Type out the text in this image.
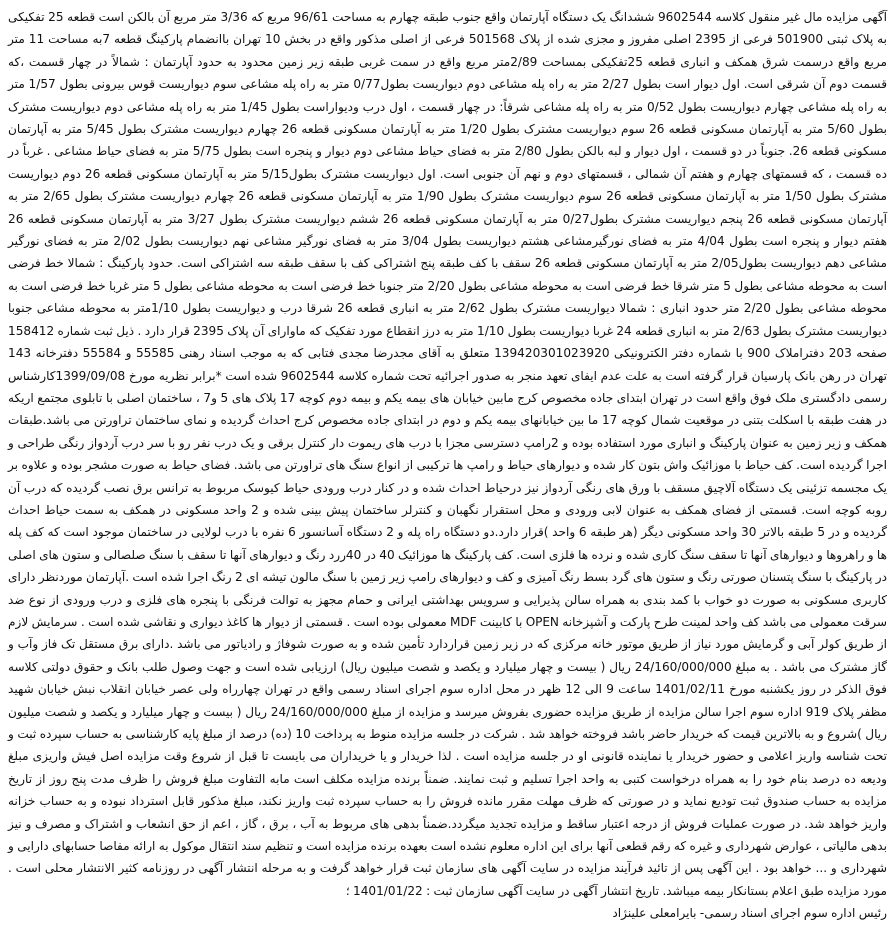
آگهی مزایده مال غیر منقول کلاسه 9602544 ششدانگ یک دستگاه آپارتمان واقع جنوب طبقه چهارم به مساحت 96/61 مربع که 3/36 متر مربع آن بالکن است قطعه 25 تفکیکی به پلاک ثبتی 501900 فرعی از 2395 اصلی مفروز و مجزی شده از پلاک 501568 فرعی از اصلی مذکور واقع در بخش 10 تهران باانضمام پارکینگ قطعه 7به مساحت 11 متر مربع واقع درسمت شرق همکف و انباری قطعه 25تفکیکی بمساحت 2/89متر مربع واقع در سمت غربی طبقه زیر زمین محدود به حدود آپارتمان : شمالاً در چهار قسمت ،که قسمت دوم آن شرقی است. اول دیوار است بطول 2/27 متر به راه پله مشاعی دوم دیواریست بطول0/77 متر به راه پله مشاعی سوم دیواریست قوس بیرونی بطول 1/57 متر به راه پله مشاعی چهارم دیواریست بطول 0/52 متر به راه پله مشاعی شرقاً: در چهار قسمت ، اول درب ودیواراست بطول 1/45 متر به راه پله مشاعی دوم دیواریست مشترک بطول 5/60 متر به آپارتمان مسکونی قطعه 26 سوم دیواریست مشترک بطول 1/20 متر به آپارتمان مسکونی قطعه 26 چهارم دیواریست مشترک بطول 5/45 متر به آپارتمان مسکونی قطعه 26. جنوباً در دو قسمت ، اول دیوار و لبه بالکن بطول 2/80 متر به فضای حیاط مشاعی دوم دیوار و پنجره است بطول 5/75 متر به فضای حیاط مشاعی . غرباً در ده قسمت ، که قسمتهای چهارم و هفتم آن شمالی ، قسمتهای دوم و نهم آن جنوبی است. اول دیواریست مشترک بطول5/15 متر به آپارتمان مسکونی قطعه 26 دوم دیواریست مشترک بطول 1/50 متر به آپارتمان مسکونی قطعه 26 سوم دیواریست مشترک بطول 1/90 متر به آپارتمان مسکونی قطعه 26 چهارم دیواریست مشترک بطول 2/65 متر به آپارتمان مسکونی قطعه 26 پنجم دیواریست مشترک بطول0/27 متر به آپارتمان مسکونی قطعه 26 ششم دیواریست مشترک بطول 3/27 متر به آپارتمان مسکونی قطعه 26 هفتم دیوار و پنجره است بطول 4/04 متر به فضای نورگیرمشاعی هشتم دیواریست بطول 3/04 متر به فضای نورگیر مشاعی نهم دیواریست بطول 2/02 متر به فضای نورگیر مشاعی دهم دیواریست بطول2/05 متر به آپارتمان مسکونی قطعه 26 سقف با کف طبقه پنج اشتراکی کف با سقف طبقه سه اشتراکی است. حدود پارکینگ : شمالا خط فرضی است به محوطه مشاعی بطول 5 متر شرقا خط فرضی است به محوطه مشاعی بطول 2/20 متر جنوبا خط فرضی است به محوطه مشاعی بطول 5 متر غربا خط فرضی است به محوطه مشاعی بطول 2/20 متر حدود انباری : شمالا دیواریست مشترک بطول 2/62 متر به انباری قطعه 26 شرقا درب و دیواریست بطول 1/10متر به محوطه مشاعی جنوبا دیواریست مشترک بطول 2/63 متر به انباری قطعه 24 غربا دیواریست بطول 1/10 متر به درز انقطاع مورد تفکیک که ماوارای آن پلاک 2395 قرار دارد . ذیل ثبت شماره 158412 صفحه 203 دفتراملاک 900 با شماره دفتر الکترونیکی 139420301023920 متعلق به آقای مجدرضا مجدی فتابی که به موجب اسناد رهنی 55585 و 55584 دفترخانه 143 تهران در رهن بانک پارسیان قرار گرفته است به علت عدم ایفای تعهد منجر به صدور اجرائیه تحت شماره کلاسه 9602544 شده است *برابر نظریه مورخ 1399/09/08کارشناس رسمی دادگستری ملک فوق واقع است در تهران ابتدای جاده مخصوص کرج مابین خیابان های بیمه یکم و بیمه دوم کوچه 17 پلاک های 5 و7 ، ساختمان اصلی با تابلوی مجتمع اریکه در هفت طبقه با اسکلت بتنی در موقعیت شمال کوچه 17 ما بین خیابانهای بیمه یکم و دوم در ابتدای جاده مخصوص کرج احداث گردیده و نمای ساختمان تراورتن می باشد.طبقات همکف و زیر زمین به عنوان پارکینگ و انباری مورد استفاده بوده و 2رامپ دسترسی مجزا با درب های ریموت دار کنترل برقی و یک درب نفر رو با سر درب آردواز رنگی طراحی و اجرا گردیده است. کف حیاط با موزائیک واش بتون کار شده و دیوارهای حیاط و رامپ ها ترکیبی از انواع سنگ های تراورتن می باشد. فضای حیاط به صورت مشجر بوده و علاوه بر یک مجسمه تزئینی یک دستگاه آلاچیق مسقف با ورق های رنگی آردواز نیز درحیاط احداث شده و در کنار درب ورودی حیاط کیوسک مربوط به ترانس برق نصب گردیده که درب آن روبه کوچه است. قسمتی از فضای همکف به عنوان لابی ورودی و محل استقرار نگهبان و کنترلر ساختمان پیش بینی شده و 2 واحد مسکونی در همکف به سمت حیاط احداث گردیده و در 5 طبقه بالاتر 30 واحد مسکونی دیگر (هر طبقه 6 واحد )قرار دارد.دو دستگاه راه پله و 2 دستگاه آسانسور 6 نفره با درب لولایی در ساختمان موجود است که کف پله ها و راهروها و دیوارهای آنها تا سقف سنگ کاری شده و نرده ها فلزی است. کف پارکینگ ها موزائیک 40 در 40ررد رنگ و دیوارهای آنها تا سقف با سنگ صلصالی و ستون های اصلی در پارکینگ با سنگ پتسنان صورتی رنگ و ستون های گرد بسط رنگ آمیزی و کف و دیوارهای رامپ زیر زمین با سنگ مالون تیشه ای 2 رنگ اجرا شده است .آپارتمان موردنظر دارای کاربری مسکونی به صورت دو خواب با کمد بندی به همراه سالن پذیرایی و سرویس بهداشتی ایرانی و حمام مجهز به توالت فرنگی با پنجره های فلزی و درب ورودی از نوع ضد سرقت معمولی می باشد کف واحد لمینت طرح پارکت و آشپزخانه OPEN با کابینت MDF معمولی بوده است . قسمتی از دیوار ها کاغذ دیواری و نقاشی شده است . سرمایش لازم از طریق کولر آبی و گرمایش مورد نیاز از طریق موتور خانه مرکزی که در زیر زمین قراردارد تأمین شده و به صورت شوفاژ و رادیاتور می باشد .دارای برق مستقل تک فاز وآب و گاز مشترک می باشد . به مبلغ 24/160/000/000 ریال ( بیست و چهار میلیارد و یکصد و شصت میلیون ریال) ارزیابی شده است و جهت وصول طلب بانک و حقوق دولتی کلاسه فوق الذکر در روز یکشنبه مورخ 1401/02/11 ساعت 9 الی 12 ظهر در محل اداره سوم اجرای اسناد رسمی واقع در تهران چهارراه ولی عصر خیابان انقلاب نبش خیابان شهید مظفر پلاک 919 اداره سوم اجرا سالن مزایده از طریق مزایده حضوری بفروش میرسد و مزایده از مبلغ 24/160/000/000 ریال ( بیست و چهار میلیارد و یکصد و شصت میلیون ریال )شروع و به بالاترین قیمت که خریدار حاضر باشد فروخته خواهد شد . شرکت در جلسه مزایده منوط به پرداخت 10 (ده) درصد از مبلغ پایه کارشناسی به حساب سپرده ثبت و تحت شناسه واریز اعلامی و حضور خریدار یا نماینده قانونی او در جلسه مزایده است . لذا خریدار و یا خریداران می بایست تا قبل از شروع وقت مزایده اصل فیش واریزی مبلغ ودیعه ده درصد بنام خود را به همراه درخواست کتبی به واحد اجرا تسلیم و ثبت نمایند. ضمناً برنده مزایده مکلف است مابه التفاوت مبلغ فروش را ظرف مدت پنج روز از تاریخ مزایده به حساب صندوق ثبت تودیع نماید و در صورتی که ظرف مهلت مقرر مانده فروش را به حساب سپرده ثبت واریز نکند، مبلغ مذکور قابل استرداد نبوده و به حساب خزانه واریز خواهد شد. در صورت عملیات فروش از درجه اعتبار ساقط و مزایده تجدید میگردد.ضمناً بدهی های مربوط به آب ، برق ، گاز ، اعم از حق انشعاب و اشتراک و مصرف و نیز بدهی مالیاتی ، عوارض شهرداری و غیره که رقم قطعی آنها برای این اداره معلوم نشده است بعهده برنده مزایده است و تنظیم سند انتقال موکول به ارائه مفاصا حسابهای دارایی و شهرداری و ... خواهد بود . این آگهی پس از تائید فرآیند مزایده در سایت آگهی های سازمان ثبت قرار خواهد گرفت و به مرحله انتشار آگهی در روزنامه کثیر الانتشار محلی است . مورد مزایده طبق اعلام بستانکار بیمه میباشد. تاریخ انتشار آگهی در سایت آگهی سازمان ثبت : 1401/01/22 ؛

رئیس اداره سوم اجرای اسناد رسمی- بایرامعلی علینژاد
